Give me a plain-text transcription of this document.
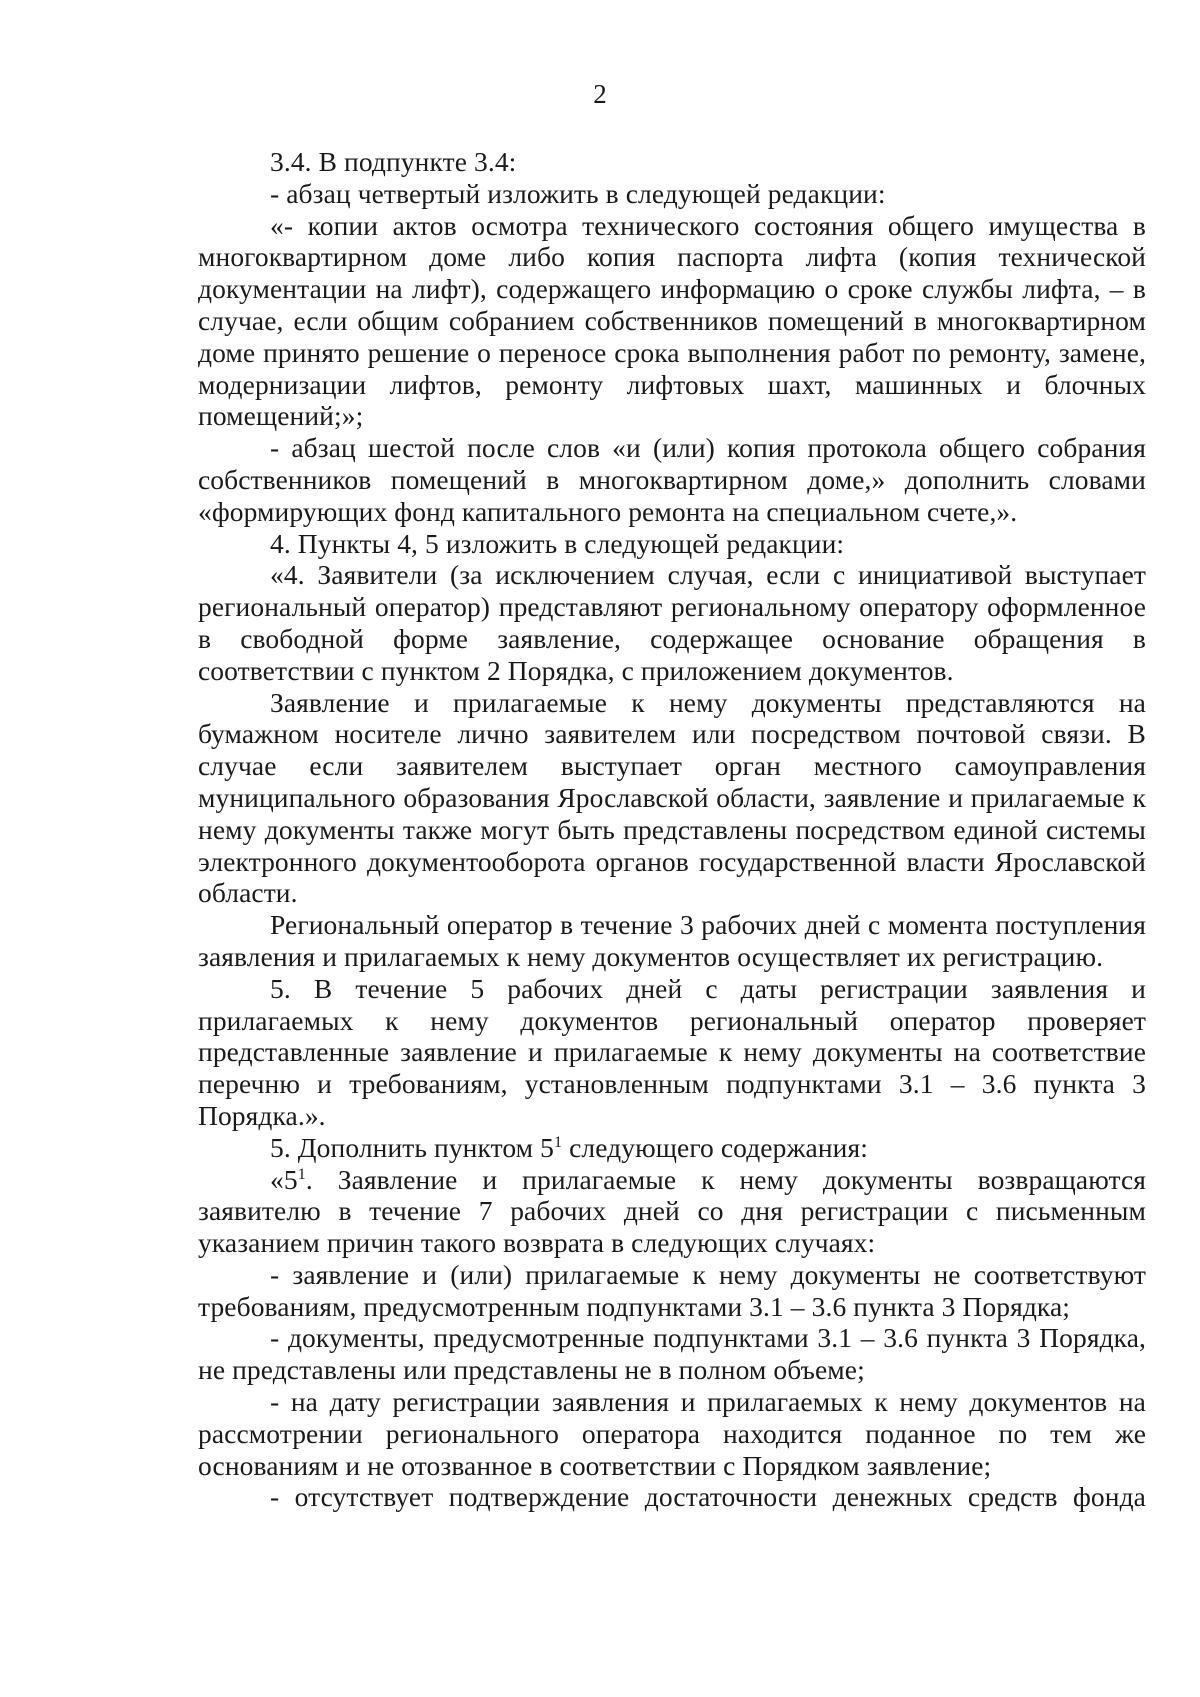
2

3.4. В подпункте 3.4:

- абзац четвертый изложить в следующей редакции:

«- копии актов осмотра технического состояния общего имущества в многоквартирном доме либо копия паспорта лифта (копия технической документации на лифт), содержащего информацию о сроке службы лифта, – в случае, если общим собранием собственников помещений в многоквартирном доме принято решение о переносе срока выполнения работ по ремонту, замене, модернизации лифтов, ремонту лифтовых шахт, машинных и блочных помещений;»;

- абзац шестой после слов «и (или) копия протокола общего собрания собственников помещений в многоквартирном доме,» дополнить словами «формирующих фонд капитального ремонта на специальном счете,».

4. Пункты 4, 5 изложить в следующей редакции:

«4. Заявители (за исключением случая, если с инициативой выступает региональный оператор) представляют региональному оператору оформленное в свободной форме заявление, содержащее основание обращения в соответствии с пунктом 2 Порядка, с приложением документов.

Заявление и прилагаемые к нему документы представляются на бумажном носителе лично заявителем или посредством почтовой связи. В случае если заявителем выступает орган местного самоуправления муниципального образования Ярославской области, заявление и прилагаемые к нему документы также могут быть представлены посредством единой системы электронного документооборота органов государственной власти Ярославской области.

Региональный оператор в течение 3 рабочих дней с момента поступления заявления и прилагаемых к нему документов осуществляет их регистрацию.

5. В течение 5 рабочих дней с даты регистрации заявления и прилагаемых к нему документов региональный оператор проверяет представленные заявление и прилагаемые к нему документы на соответствие перечню и требованиям, установленным подпунктами 3.1 – 3.6 пункта 3 Порядка.».

5. Дополнить пунктом $5^1$ следующего содержания:

«$5^1$. Заявление и прилагаемые к нему документы возвращаются заявителю в течение 7 рабочих дней со дня регистрации с письменным указанием причин такого возврата в следующих случаях:

- заявление и (или) прилагаемые к нему документы не соответствуют требованиям, предусмотренным подпунктами 3.1 – 3.6 пункта 3 Порядка;

- документы, предусмотренные подпунктами 3.1 – 3.6 пункта 3 Порядка, не представлены или представлены не в полном объеме;

- на дату регистрации заявления и прилагаемых к нему документов на рассмотрении регионального оператора находится поданное по тем же основаниям и не отозванное в соответствии с Порядком заявление;

- отсутствует подтверждение достаточности денежных средств фонда
